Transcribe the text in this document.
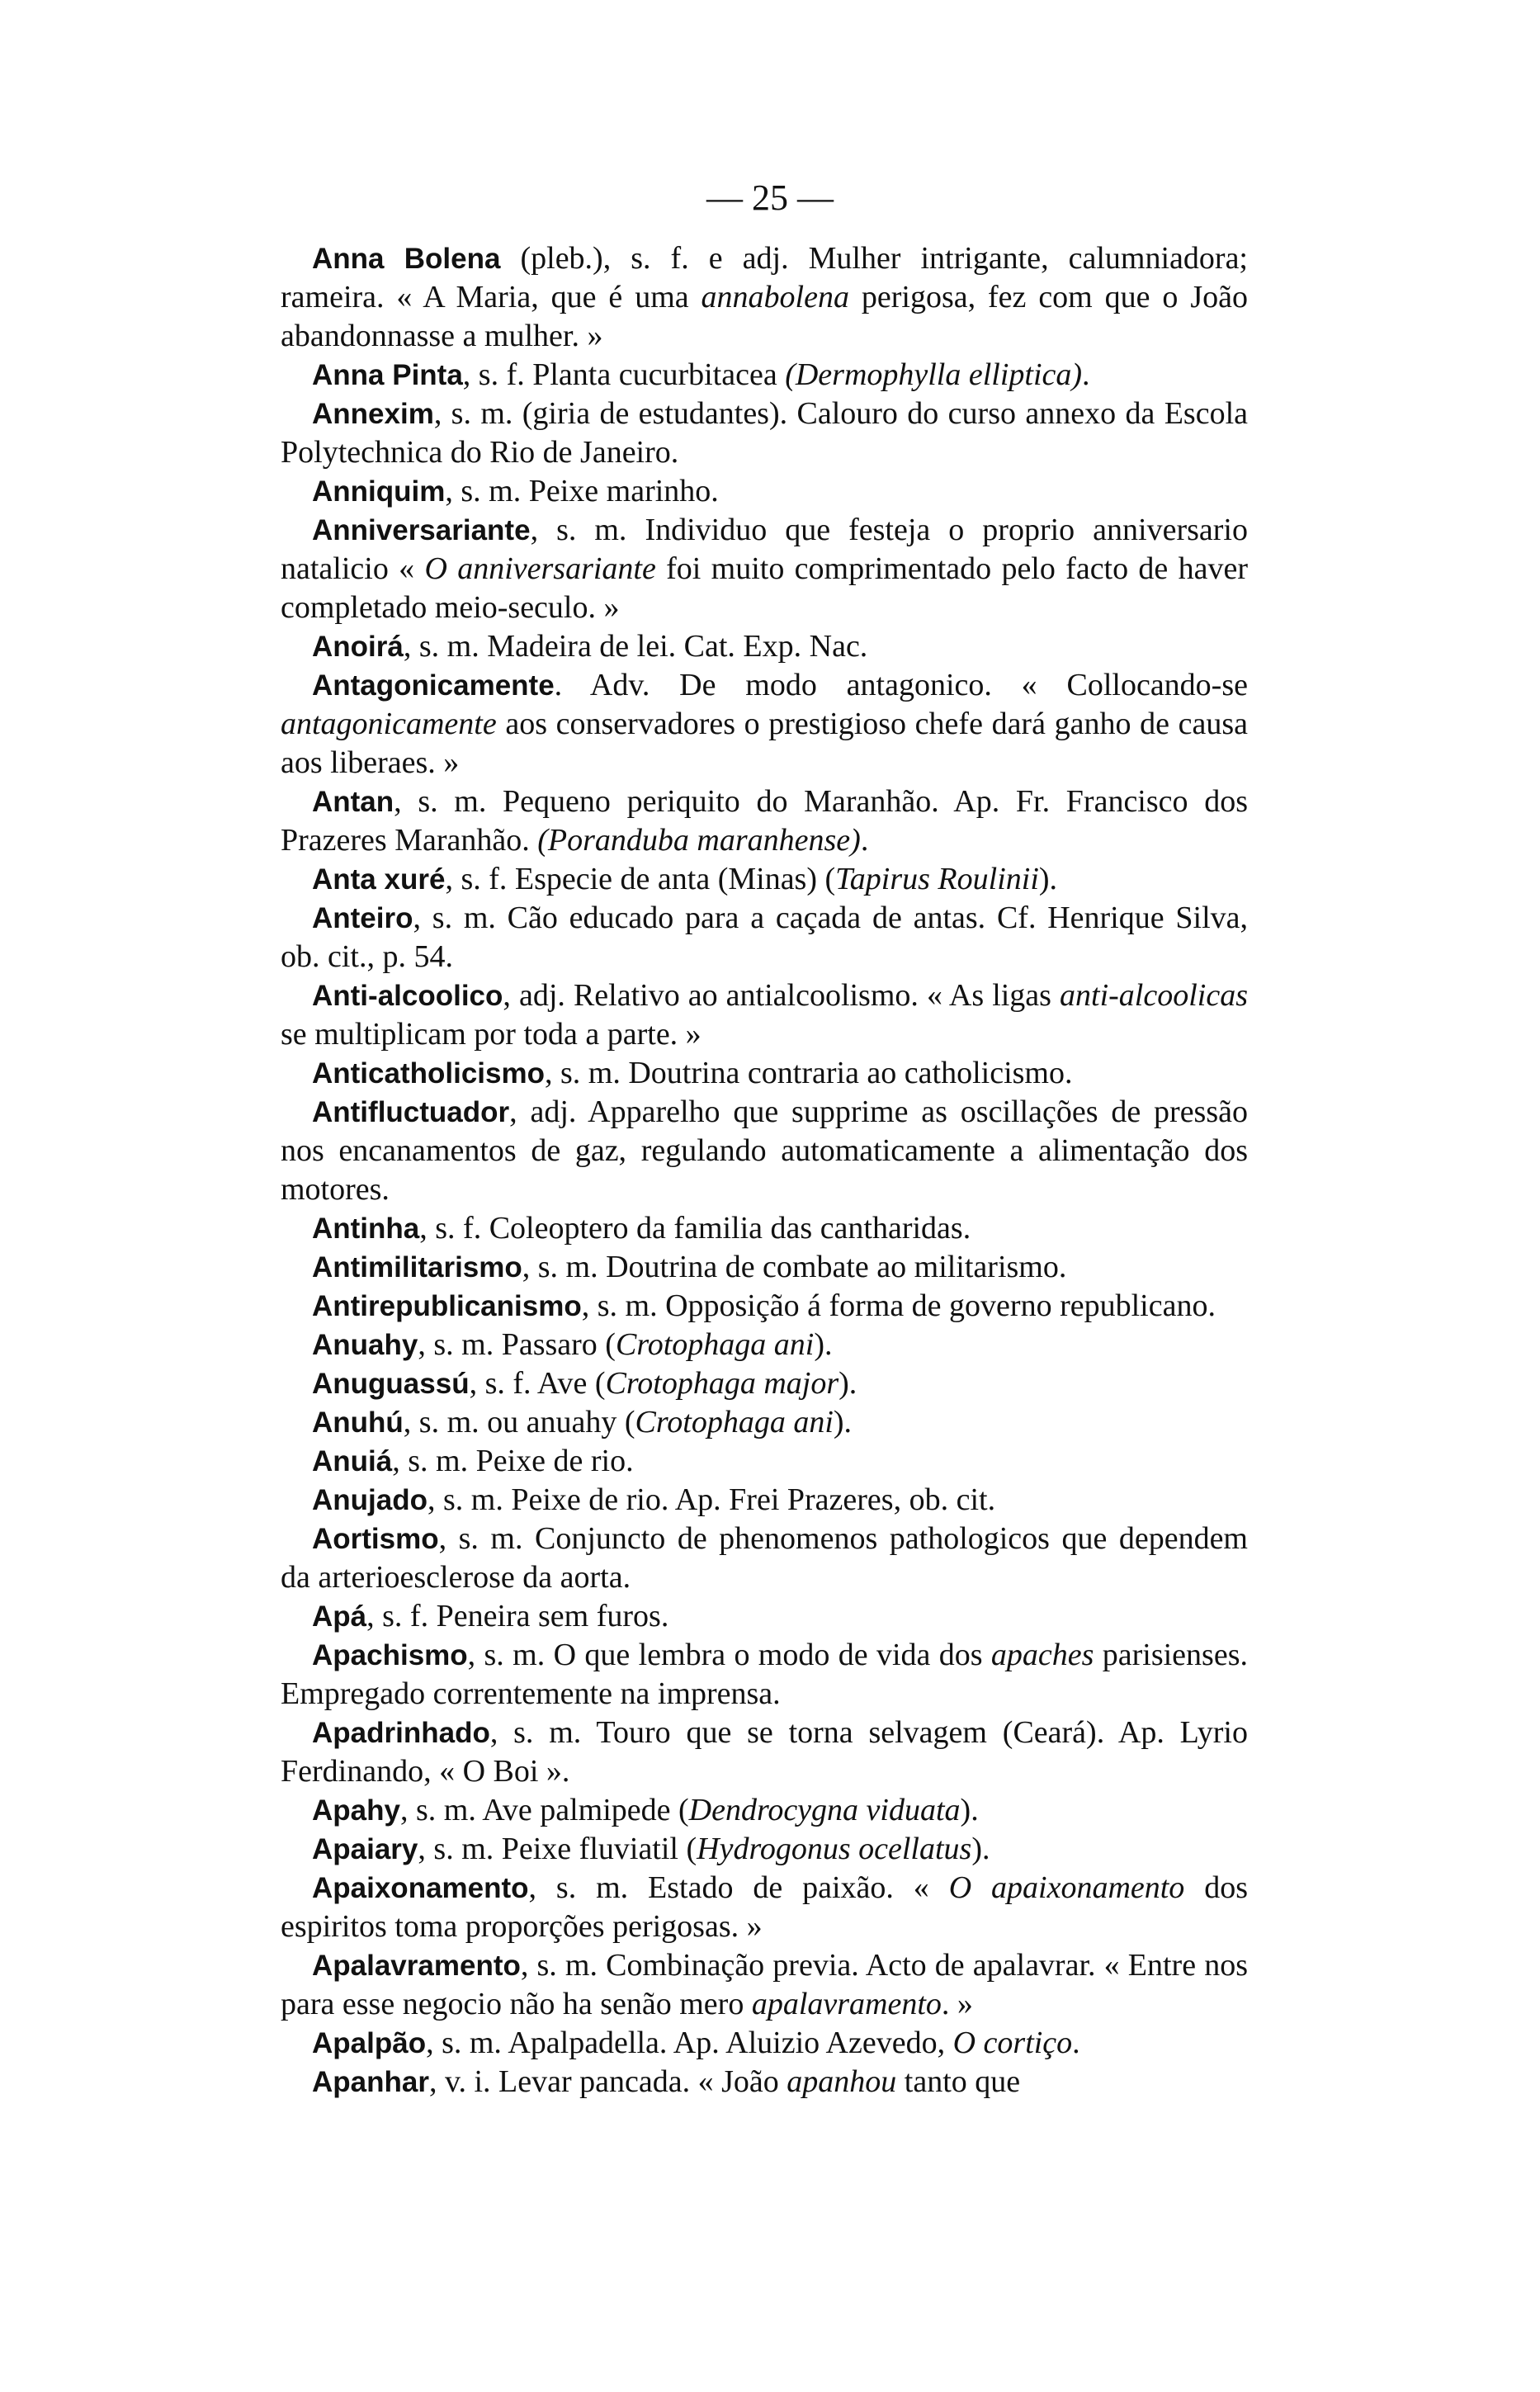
— 25 —

Anna Bolena (pleb.), s. f. e adj. Mulher intrigante, calumniadora; rameira. « A Maria, que é uma annabolena perigosa, fez com que o João abandonnasse a mulher. »

Anna Pinta, s. f. Planta cucurbitacea (Dermophylla elliptica).

Annexim, s. m. (giria de estudantes). Calouro do curso annexo da Escola Polytechnica do Rio de Janeiro.

Anniquim, s. m. Peixe marinho.

Anniversariante, s. m. Individuo que festeja o proprio anniversario natalicio « O anniversariante foi muito comprimentado pelo facto de haver completado meio-seculo. »

Anoirá, s. m. Madeira de lei. Cat. Exp. Nac.

Antagonicamente. Adv. De modo antagonico. « Collocando-se antagonicamente aos conservadores o prestigioso chefe dará ganho de causa aos liberaes. »

Antan, s. m. Pequeno periquito do Maranhão. Ap. Fr. Francisco dos Prazeres Maranhão. (Poranduba maranhense).

Anta xuré, s. f. Especie de anta (Minas) (Tapirus Roulinii).

Anteiro, s. m. Cão educado para a caçada de antas. Cf. Henrique Silva, ob. cit., p. 54.

Anti-alcoolico, adj. Relativo ao antialcoolismo. « As ligas anti-alcoolicas se multiplicam por toda a parte. »

Anticatholicismo, s. m. Doutrina contraria ao catholicismo.

Antifluctuador, adj. Apparelho que supprime as oscillações de pressão nos encanamentos de gaz, regulando automaticamente a alimentação dos motores.

Antinha, s. f. Coleoptero da familia das cantharidas.

Antimilitarismo, s. m. Doutrina de combate ao militarismo.

Antirepublicanismo, s. m. Opposição á forma de governo republicano.

Anuahy, s. m. Passaro (Crotophaga ani).

Anuguassú, s. f. Ave (Crotophaga major).

Anuhú, s. m. ou anuahy (Crotophaga ani).

Anuiá, s. m. Peixe de rio.

Anujado, s. m. Peixe de rio. Ap. Frei Prazeres, ob. cit.

Aortismo, s. m. Conjuncto de phenomenos pathologicos que dependem da arterioesclerose da aorta.

Apá, s. f. Peneira sem furos.

Apachismo, s. m. O que lembra o modo de vida dos apaches parisienses. Empregado correntemente na imprensa.

Apadrinhado, s. m. Touro que se torna selvagem (Ceará). Ap. Lyrio Ferdinando, « O Boi ».

Apahy, s. m. Ave palmipede (Dendrocygna viduata).

Apaiary, s. m. Peixe fluviatil (Hydrogonus ocellatus).

Apaixonamento, s. m. Estado de paixão. « O apaixonamento dos espiritos toma proporções perigosas. »

Apalavramento, s. m. Combinação previa. Acto de apalavrar. « Entre nos para esse negocio não ha senão mero apalavramento. »

Apalpão, s. m. Apalpadella. Ap. Aluizio Azevedo, O cortiço.

Apanhar, v. i. Levar pancada. « João apanhou tanto que
